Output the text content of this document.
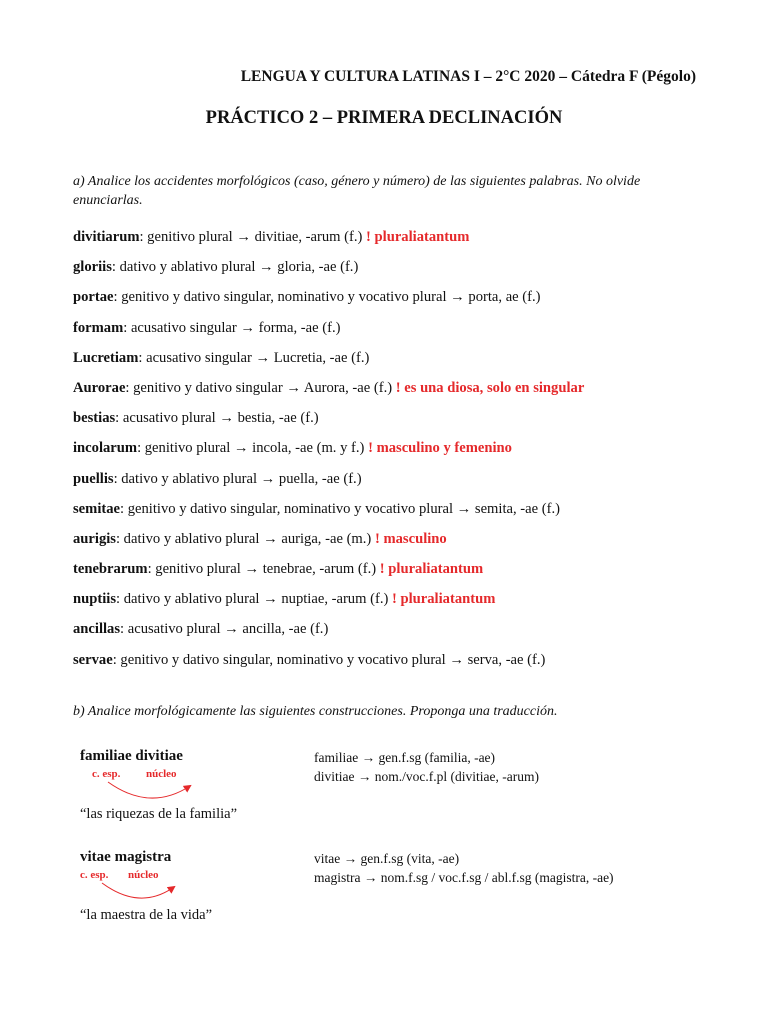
LENGUA Y CULTURA LATINAS I – 2°C 2020 – Cátedra F (Pégolo)
PRÁCTICO 2 – PRIMERA DECLINACIÓN
a) Analice los accidentes morfológicos (caso, género y número) de las siguientes palabras. No olvide enunciarlas.
divitiarum: genitivo plural → divitiae, -arum (f.) ! pluraliatantum
gloriis: dativo y ablativo plural → gloria, -ae (f.)
portae: genitivo y dativo singular, nominativo y vocativo plural → porta, ae (f.)
formam: acusativo singular → forma, -ae (f.)
Lucretiam: acusativo singular → Lucretia, -ae (f.)
Aurorae: genitivo y dativo singular → Aurora, -ae (f.) ! es una diosa, solo en singular
bestias: acusativo plural → bestia, -ae (f.)
incolarum: genitivo plural → incola, -ae (m. y f.) ! masculino y femenino
puellis: dativo y ablativo plural → puella, -ae (f.)
semitae: genitivo y dativo singular, nominativo y vocativo plural → semita, -ae (f.)
aurigis: dativo y ablativo plural → auriga, -ae (m.) ! masculino
tenebrarum: genitivo plural → tenebrae, -arum (f.) ! pluraliatantum
nuptiis: dativo y ablativo plural → nuptiae, -arum (f.) ! pluraliatantum
ancillas: acusativo plural → ancilla, -ae (f.)
servae: genitivo y dativo singular, nominativo y vocativo plural → serva, -ae (f.)
b) Analice morfológicamente las siguientes construcciones. Proponga una traducción.
familiae divitiae
c. esp. núcleo
“las riquezas de la familia”
familiae → gen.f.sg (familia, -ae)
divitiae → nom./voc.f.pl (divitiae, -arum)
vitae magistra
c. esp. núcleo
“la maestra de la vida”
vitae → gen.f.sg (vita, -ae)
magistra → nom.f.sg / voc.f.sg / abl.f.sg (magistra, -ae)
